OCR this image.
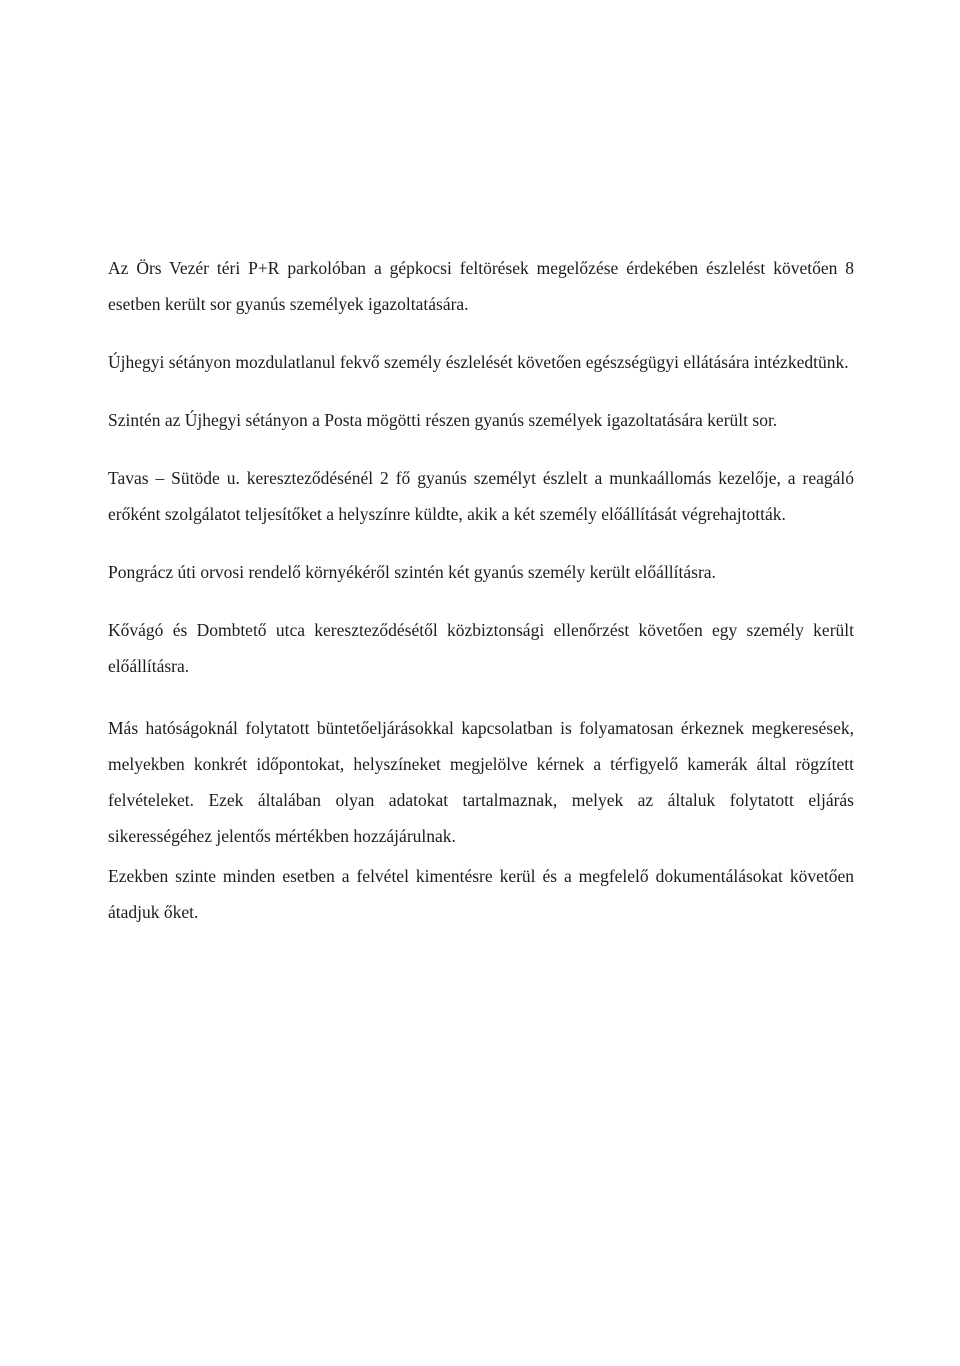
Az Örs Vezér téri P+R parkolóban a gépkocsi feltörések megelőzése érdekében észlelést követően 8 esetben került sor gyanús személyek igazoltatására.

Újhegyi sétányon mozdulatlanul fekvő személy észlelését követően egészségügyi ellátására intézkedtünk.

Szintén az Újhegyi sétányon a Posta mögötti részen gyanús személyek igazoltatására került sor.

Tavas – Sütöde u. kereszteződésénél 2 fő gyanús személyt észlelt a munkaállomás kezelője, a reagáló erőként szolgálatot teljesítőket a helyszínre küldte, akik a két személy előállítását végrehajtották.

Pongrácz úti orvosi rendelő környékéről szintén két gyanús személy került előállításra.

Kővágó és Dombtető utca kereszteződésétől közbiztonsági ellenőrzést követően egy személy került előállításra.

Más hatóságoknál folytatott büntetőeljárásokkal kapcsolatban is folyamatosan érkeznek megkeresések, melyekben konkrét időpontokat, helyszíneket megjelölve kérnek a térfigyelő kamerák által rögzített felvételeket. Ezek általában olyan adatokat tartalmaznak, melyek az általuk folytatott eljárás sikerességéhez jelentős mértékben hozzájárulnak.

Ezekben szinte minden esetben a felvétel kimentésre kerül és a megfelelő dokumentálásokat követően átadjuk őket.
